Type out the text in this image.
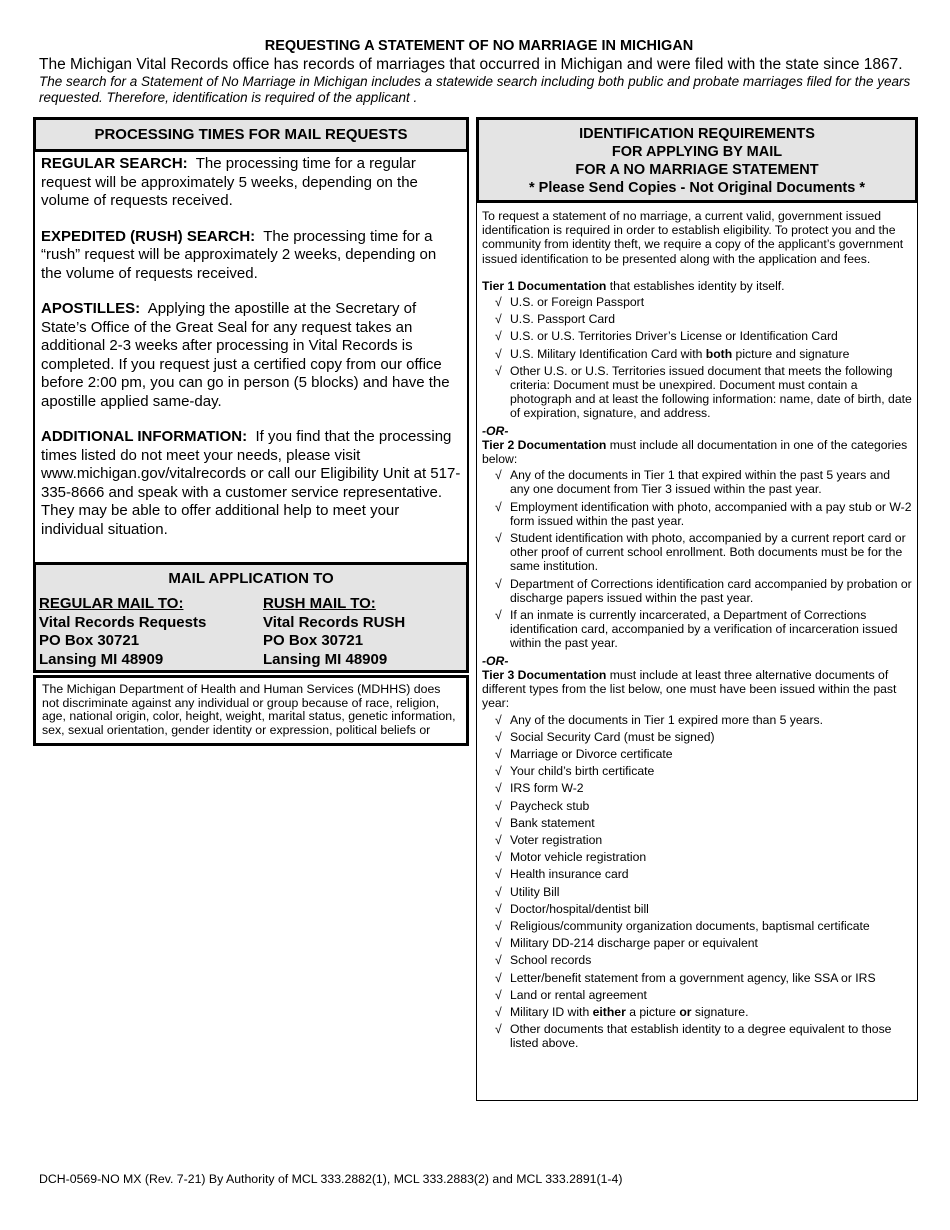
REQUESTING A STATEMENT OF NO MARRIAGE IN MICHIGAN
The Michigan Vital Records office has records of marriages that occurred in Michigan and were filed with the state since 1867.
The search for a Statement of No Marriage in Michigan includes a statewide search including both public and probate marriages filed for the years requested. Therefore, identification is required of the applicant .
PROCESSING TIMES FOR MAIL REQUESTS

REGULAR SEARCH: The processing time for a regular request will be approximately 5 weeks, depending on the volume of requests received.

EXPEDITED (RUSH) SEARCH: The processing time for a “rush” request will be approximately 2 weeks, depending on the volume of requests received.

APOSTILLES: Applying the apostille at the Secretary of State’s Office of the Great Seal for any request takes an additional 2-3 weeks after processing in Vital Records is completed. If you request just a certified copy from our office before 2:00 pm, you can go in person (5 blocks) and have the apostille applied same-day.

ADDITIONAL INFORMATION: If you find that the processing times listed do not meet your needs, please visit www.michigan.gov/vitalrecords or call our Eligibility Unit at 517-335-8666 and speak with a customer service representative. They may be able to offer additional help to meet your individual situation.

MAIL APPLICATION TO
REGULAR MAIL TO:
Vital Records Requests
PO Box 30721
Lansing MI 48909
RUSH MAIL TO:
Vital Records RUSH
PO Box 30721
Lansing MI 48909
The Michigan Department of Health and Human Services (MDHHS) does not discriminate against any individual or group because of race, religion, age, national origin, color, height, weight, marital status, genetic information, sex, sexual orientation, gender identity or expression, political beliefs or
IDENTIFICATION REQUIREMENTS
FOR APPLYING BY MAIL
FOR A NO MARRIAGE STATEMENT
* Please Send Copies - Not Original Documents *

To request a statement of no marriage, a current valid, government issued identification is required in order to establish eligibility. To protect you and the community from identity theft, we require a copy of the applicant’s government issued identification to be presented along with the application and fees.

Tier 1 Documentation that establishes identity by itself.

√ U.S. or Foreign Passport
√ U.S. Passport Card
√ U.S. or U.S. Territories Driver’s License or Identification Card
√ U.S. Military Identification Card with both picture and signature
√ Other U.S. or U.S. Territories issued document that meets the following criteria: Document must be unexpired. Document must contain a photograph and at least the following information: name, date of birth, date of expiration, signature, and address.
-OR-

Tier 2 Documentation must include all documentation in one of the categories below:

√ Any of the documents in Tier 1 that expired within the past 5 years and any one document from Tier 3 issued within the past year.
√ Employment identification with photo, accompanied with a pay stub or W-2 form issued within the past year.
√ Student identification with photo, accompanied by a current report card or other proof of current school enrollment. Both documents must be for the same institution.
√ Department of Corrections identification card accompanied by probation or discharge papers issued within the past year.
√ If an inmate is currently incarcerated, a Department of Corrections identification card, accompanied by a verification of incarceration issued within the past year.
-OR-

Tier 3 Documentation must include at least three alternative documents of different types from the list below, one must have been issued within the past year:

√ Any of the documents in Tier 1 expired more than 5 years.
√ Social Security Card (must be signed)
√ Marriage or Divorce certificate
√ Your child’s birth certificate
√ IRS form W-2
√ Paycheck stub
√ Bank statement
√ Voter registration
√ Motor vehicle registration
√ Health insurance card
√ Utility Bill
√ Doctor/hospital/dentist bill
√ Religious/community organization documents, baptismal certificate
√ Military DD-214 discharge paper or equivalent
√ School records
√ Letter/benefit statement from a government agency, like SSA or IRS
√ Land or rental agreement
√ Military ID with either a picture or signature.
√ Other documents that establish identity to a degree equivalent to those listed above.
DCH-0569-NO MX (Rev. 7-21) By Authority of MCL 333.2882(1), MCL 333.2883(2) and MCL 333.2891(1-4)
